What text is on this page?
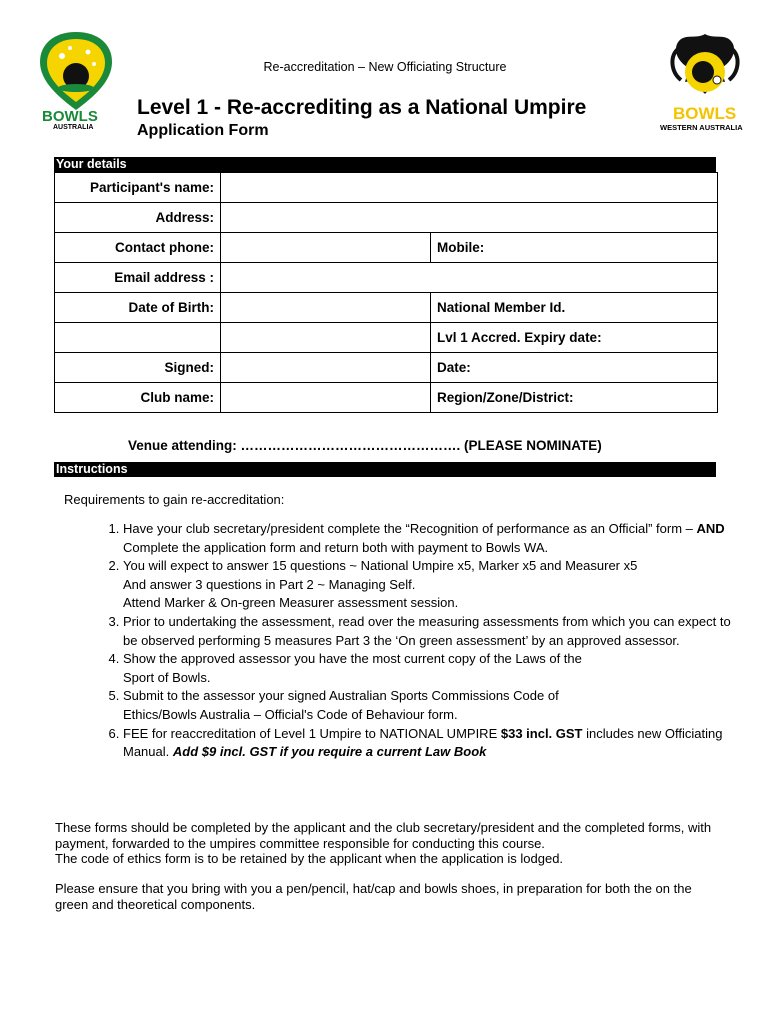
BOWLS
AUSTRALIA
BOWLS
WESTERN AUSTRALIA
Re-accreditation – New Officiating Structure
Level 1 - Re-accrediting as a National Umpire
Application Form
Your details
Participant's name:		
Address:		
Contact phone:		Mobile:
Email address :		
Date of Birth:		National Member Id.
		Lvl 1 Accred. Expiry date:
Signed:		Date:
Club name:		Region/Zone/District:
Venue attending: …………………………………………. (PLEASE NOMINATE)
Instructions
Requirements to gain re-accreditation:
1. Have your club secretary/president complete the “Recognition of performance as an Official” form – AND Complete the application form and return both with payment to Bowls WA.
2. You will expect to answer 15 questions ~ National Umpire x5, Marker x5 and Measurer x5
And answer 3 questions in Part 2 ~ Managing Self.
Attend Marker & On-green Measurer assessment session.
3. Prior to undertaking the assessment, read over the measuring assessments from which you can expect to be observed performing 5 measures Part 3 the ‘On green assessment’ by an approved assessor.
4. Show the approved assessor you have the most current copy of the Laws of the
Sport of Bowls.
5. Submit to the assessor your signed Australian Sports Commissions Code of
Ethics/Bowls Australia – Official's Code of Behaviour form.
6. FEE for reaccreditation of Level 1 Umpire to NATIONAL UMPIRE $33 incl. GST includes new Officiating Manual. Add $9 incl. GST if you require a current Law Book
These forms should be completed by the applicant and the club secretary/president and the completed forms, with payment, forwarded to the umpires committee responsible for conducting this course.
The code of ethics form is to be retained by the applicant when the application is lodged.
Please ensure that you bring with you a pen/pencil, hat/cap and bowls shoes, in preparation for both the on the green and theoretical components.
